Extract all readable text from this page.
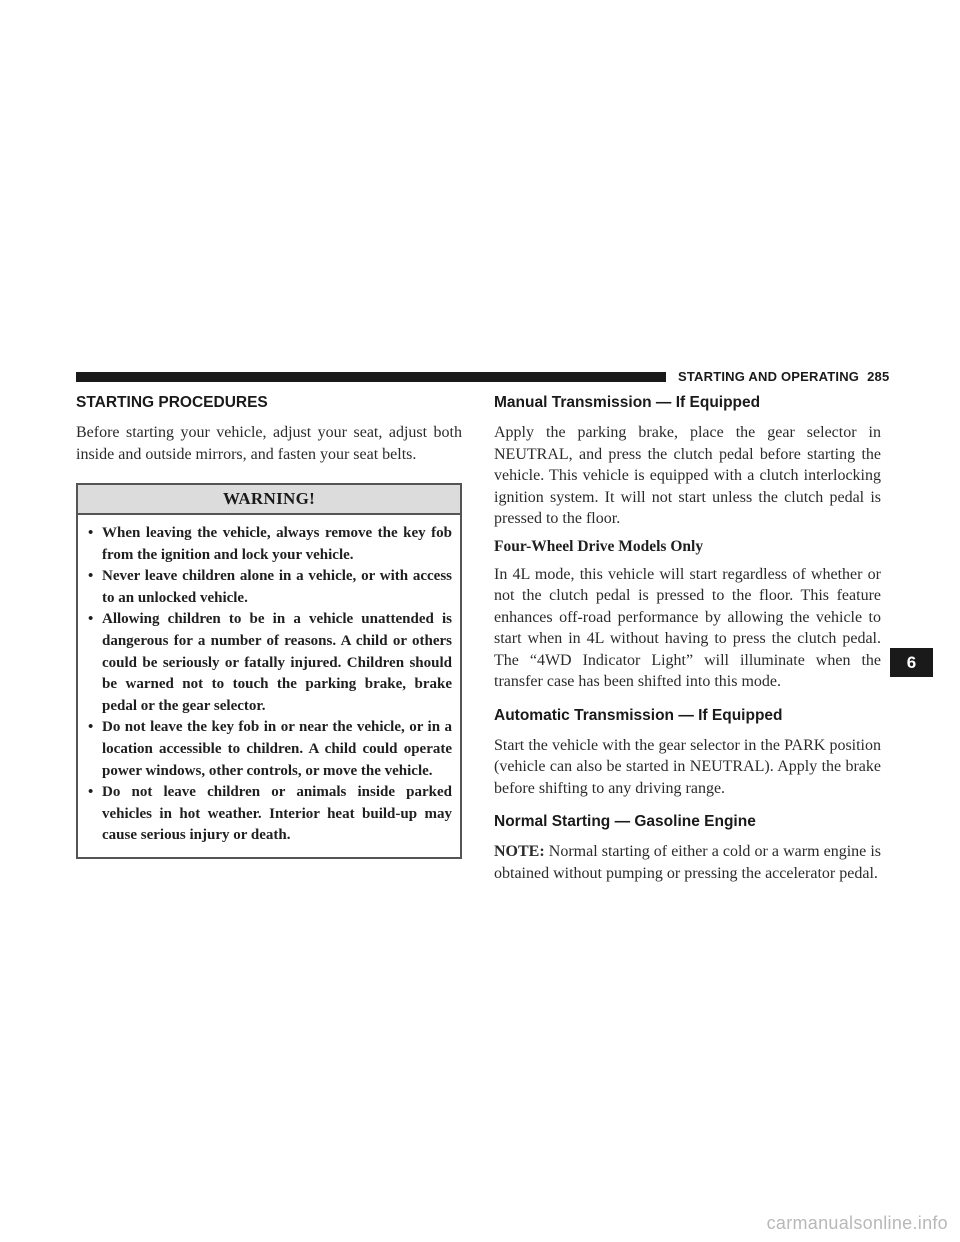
STARTING AND OPERATING 285
STARTING PROCEDURES

Before starting your vehicle, adjust your seat, adjust both inside and outside mirrors, and fasten your seat belts.

WARNING!
• When leaving the vehicle, always remove the key fob from the ignition and lock your vehicle.
• Never leave children alone in a vehicle, or with access to an unlocked vehicle.
• Allowing children to be in a vehicle unattended is dangerous for a number of reasons. A child or others could be seriously or fatally injured. Children should be warned not to touch the parking brake, brake pedal or the gear selector.
• Do not leave the key fob in or near the vehicle, or in a location accessible to children. A child could operate power windows, other controls, or move the vehicle.
• Do not leave children or animals inside parked vehicles in hot weather. Interior heat build-up may cause serious injury or death.
Manual Transmission — If Equipped

Apply the parking brake, place the gear selector in NEUTRAL, and press the clutch pedal before starting the vehicle. This vehicle is equipped with a clutch interlocking ignition system. It will not start unless the clutch pedal is pressed to the floor.

Four-Wheel Drive Models Only

In 4L mode, this vehicle will start regardless of whether or not the clutch pedal is pressed to the floor. This feature enhances off-road performance by allowing the vehicle to start when in 4L without having to press the clutch pedal. The “4WD Indicator Light” will illuminate when the transfer case has been shifted into this mode.

Automatic Transmission — If Equipped

Start the vehicle with the gear selector in the PARK position (vehicle can also be started in NEUTRAL). Apply the brake before shifting to any driving range.

Normal Starting — Gasoline Engine

NOTE: Normal starting of either a cold or a warm engine is obtained without pumping or pressing the accelerator pedal.

6
carmanualsonline.info
